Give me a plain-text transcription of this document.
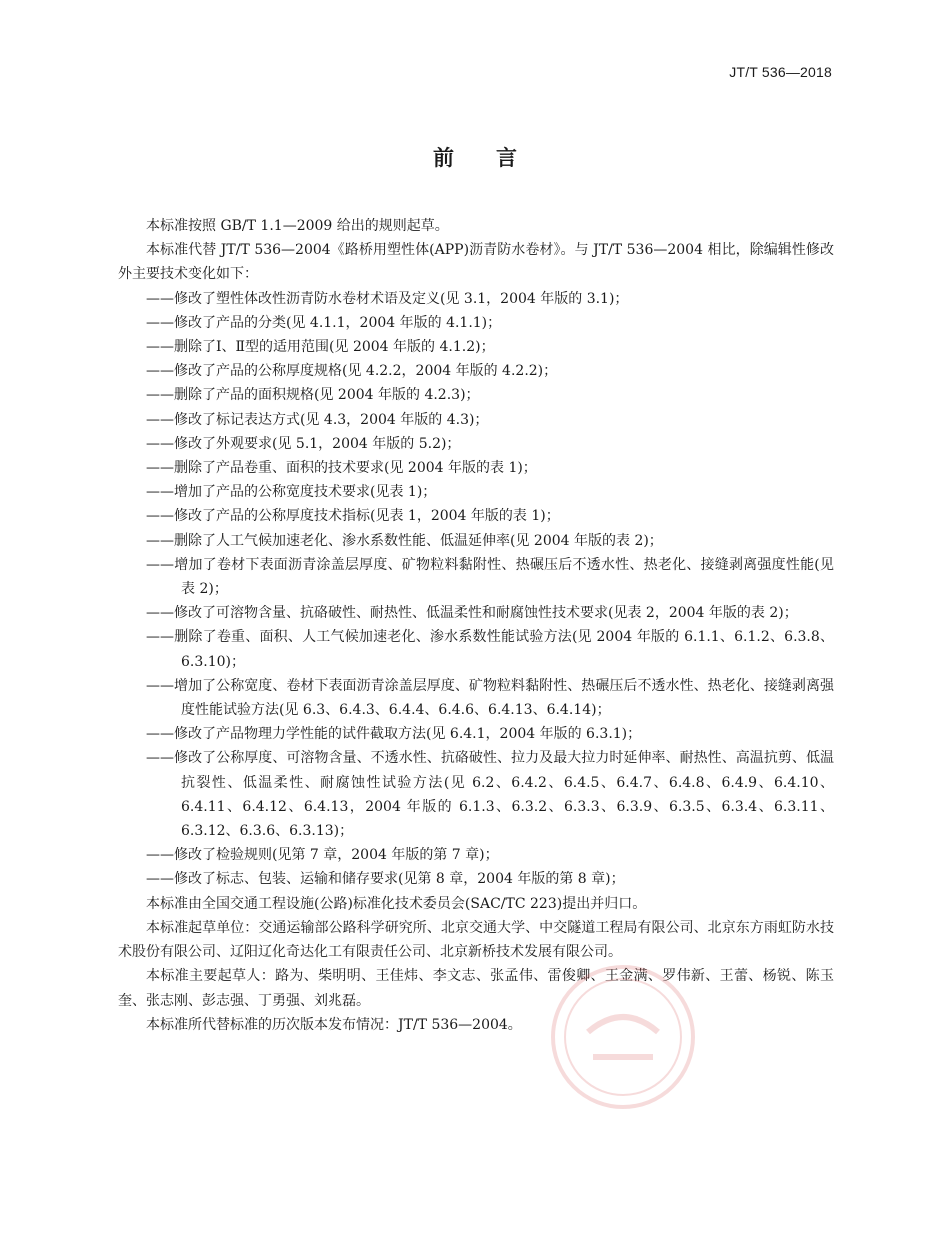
JT/T 536—2018
前言

本标准按照 GB/T 1.1—2009 给出的规则起草。

本标准代替 JT/T 536—2004《路桥用塑性体(APP)沥青防水卷材》。与 JT/T 536—2004 相比，除编辑性修改外主要技术变化如下：

——修改了塑性体改性沥青防水卷材术语及定义(见 3.1，2004 年版的 3.1)；

——修改了产品的分类(见 4.1.1，2004 年版的 4.1.1)；

——删除了Ⅰ、Ⅱ型的适用范围(见 2004 年版的 4.1.2)；

——修改了产品的公称厚度规格(见 4.2.2，2004 年版的 4.2.2)；

——删除了产品的面积规格(见 2004 年版的 4.2.3)；

——修改了标记表达方式(见 4.3，2004 年版的 4.3)；

——修改了外观要求(见 5.1，2004 年版的 5.2)；

——删除了产品卷重、面积的技术要求(见 2004 年版的表 1)；

——增加了产品的公称宽度技术要求(见表 1)；

——修改了产品的公称厚度技术指标(见表 1，2004 年版的表 1)；

——删除了人工气候加速老化、渗水系数性能、低温延伸率(见 2004 年版的表 2)；

——增加了卷材下表面沥青涂盖层厚度、矿物粒料黏附性、热碾压后不透水性、热老化、接缝剥离强度性能(见表 2)；

——修改了可溶物含量、抗硌破性、耐热性、低温柔性和耐腐蚀性技术要求(见表 2，2004 年版的表 2)；

——删除了卷重、面积、人工气候加速老化、渗水系数性能试验方法(见 2004 年版的 6.1.1、6.1.2、6.3.8、6.3.10)；

——增加了公称宽度、卷材下表面沥青涂盖层厚度、矿物粒料黏附性、热碾压后不透水性、热老化、接缝剥离强度性能试验方法(见 6.3、6.4.3、6.4.4、6.4.6、6.4.13、6.4.14)；

——修改了产品物理力学性能的试件截取方法(见 6.4.1，2004 年版的 6.3.1)；

——修改了公称厚度、可溶物含量、不透水性、抗硌破性、拉力及最大拉力时延伸率、耐热性、高温抗剪、低温抗裂性、低温柔性、耐腐蚀性试验方法(见 6.2、6.4.2、6.4.5、6.4.7、6.4.8、6.4.9、6.4.10、6.4.11、6.4.12、6.4.13，2004 年版的 6.1.3、6.3.2、6.3.3、6.3.9、6.3.5、6.3.4、6.3.11、6.3.12、6.3.6、6.3.13)；

——修改了检验规则(见第 7 章，2004 年版的第 7 章)；

——修改了标志、包装、运输和储存要求(见第 8 章，2004 年版的第 8 章)；

本标准由全国交通工程设施(公路)标准化技术委员会(SAC/TC 223)提出并归口。

本标准起草单位：交通运输部公路科学研究所、北京交通大学、中交隧道工程局有限公司、北京东方雨虹防水技术股份有限公司、辽阳辽化奇达化工有限责任公司、北京新桥技术发展有限公司。

本标准主要起草人：路为、柴明明、王佳炜、李文志、张孟伟、雷俊卿、王金满、罗伟新、王蕾、杨锐、陈玉奎、张志刚、彭志强、丁勇强、刘兆磊。

本标准所代替标准的历次版本发布情况：JT/T 536—2004。
